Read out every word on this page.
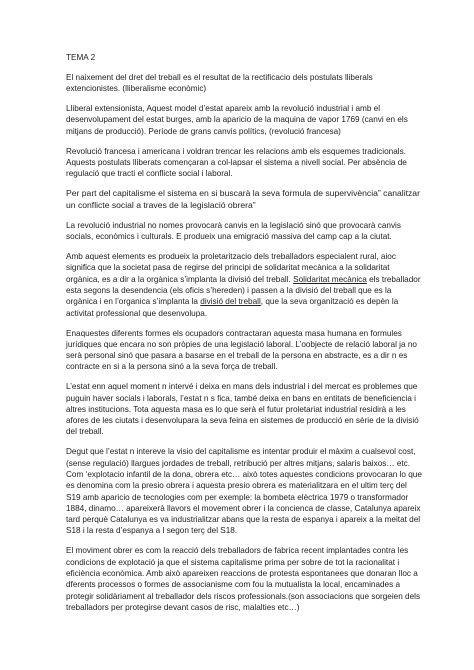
TEMA 2

El naixement del dret del treball es el resultat de la rectificacio dels postulats lliberals extencionistes. (lliberalisme econòmic)

Lliberal extensionista, Aquest model d’estat apareix amb la revolució industrial i amb el desenvolupament del estat burges, amb la aparicio de la maquina de vapor 1769 (canvi en els mitjans de producció). Període de grans canvis polítics, (revolució francesa)

Revolució francesa i americana i voldran trencar les relacions amb els esquemes tradicionals. Aquests postulats lliberats començaran a col-lapsar el sistema a nivell social. Per absència de regulació que tracti el conflicte social i laboral.

Per part del capitalisme el sistema en si buscarà la seva formula de supervivència” canalitzar un conflicte social a traves de la legislació obrera”

La revolució industrial no nomes provocarà canvis en la legislació sinó que provocarà canvis socials, econòmics i culturals. E produeix una emigració massiva del camp cap a la ciutat.

Amb aquest elements es produeix la proletaritzacio dels treballadors especialent rural, aioc significa que la societat pasa de regirse del principi de solidaritat mecànica a la solidaritat orgànica, es a dir a la orgànica s’implanta la divisió del treball. Solidaritat mecànica els treballador esta segons la desendencia (els oficis s’hereden) i passen a la divisió del treball que es la orgànica i en l’organica s’implanta la divisió del treball, que la seva organització es depèn la activitat professional que desenvolupa.

Enaquestes diferents formes els ocupadors contractaran aquesta masa humana en formules jurídiques que encara no son pròpies de una legislació laboral. L’oobjecte de relació laboral ja no serà personal sinó que pasara a basarse en el treball de la persona en abstracte, es a dir n es contracte en si a la persona sinó a la seva força de treball.

L’estat enn aquel moment n intervé i deixa en mans dels industrial i del mercat es problemes que puguin haver socials i laborals, l’estat n s fica, també deixa en bans en entitats de beneficiencia i altres institucions. Tota aquesta masa es lo que serà el futur proletariat industrial residirà a les afores de les ciutats i desenvolupara la seva feina en sistemes de producció en sèrie de la divisió del treball.

Degut que l’estat n intereve la visio del capitalisme es intentar produir el màxim a cualsevol cost,(sense regulació) llargues jordades de treball, retribució per altres mitjans, salaris baixos… etc. Com ‘explotacio infantil de la dona, obrera etc… això totes aquestes condicions provocaran lo que es denomina com la presio obrera i aquesta presio obrera es materialitzara en el ultim terç del S19 amb aparicio de tecnologies com per exemple: la bombeta elèctrica 1979 o transformador 1884, dinamo… apareixerà llavors el movement obrer i la concienca de classe, Catalunya apareix tard perquè Catalunya es va industrialitzar abans que la resta de espanya i apareix a la meitat del S18 i la resta d’espanya a l segon terç del S18.

El moviment obrer es com la reacció dels treballadors de fabrica recent implantades contra les condicions de explotació ja que el sistema capitalisme prima per sobre de tot la racionalitat i eficiència econòmica. Amb això apareixen reaccions de protesta espontanees que donaran lloc a dferents processos o formes de associanisme com fou la mutualista la local, encaminades a protegir solidàriament al treballador dels riscos professionals.(son associacions que sorgeien dels treballadors per protegirse devant casos de risc, malalties etc…)
